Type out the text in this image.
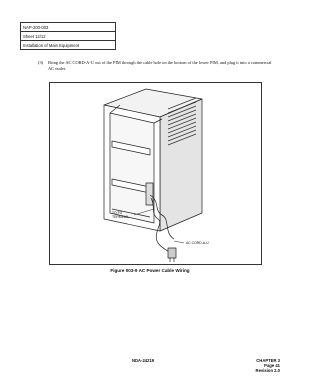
NAP-200-003
Sheet 12/12
Installation of Main Equipment
(3) Bring the AC CORD-A-U out of the PIM through the cable hole on the bottom of the lower PIM, and plug it into a commercial AC outlet.
TO FG
TERMINAL
AC CORD-A-U
Figure 003-9 AC Power Cable Wiring
NDA-24219	CHAPTER 3
Page 41
Revision 2.0
